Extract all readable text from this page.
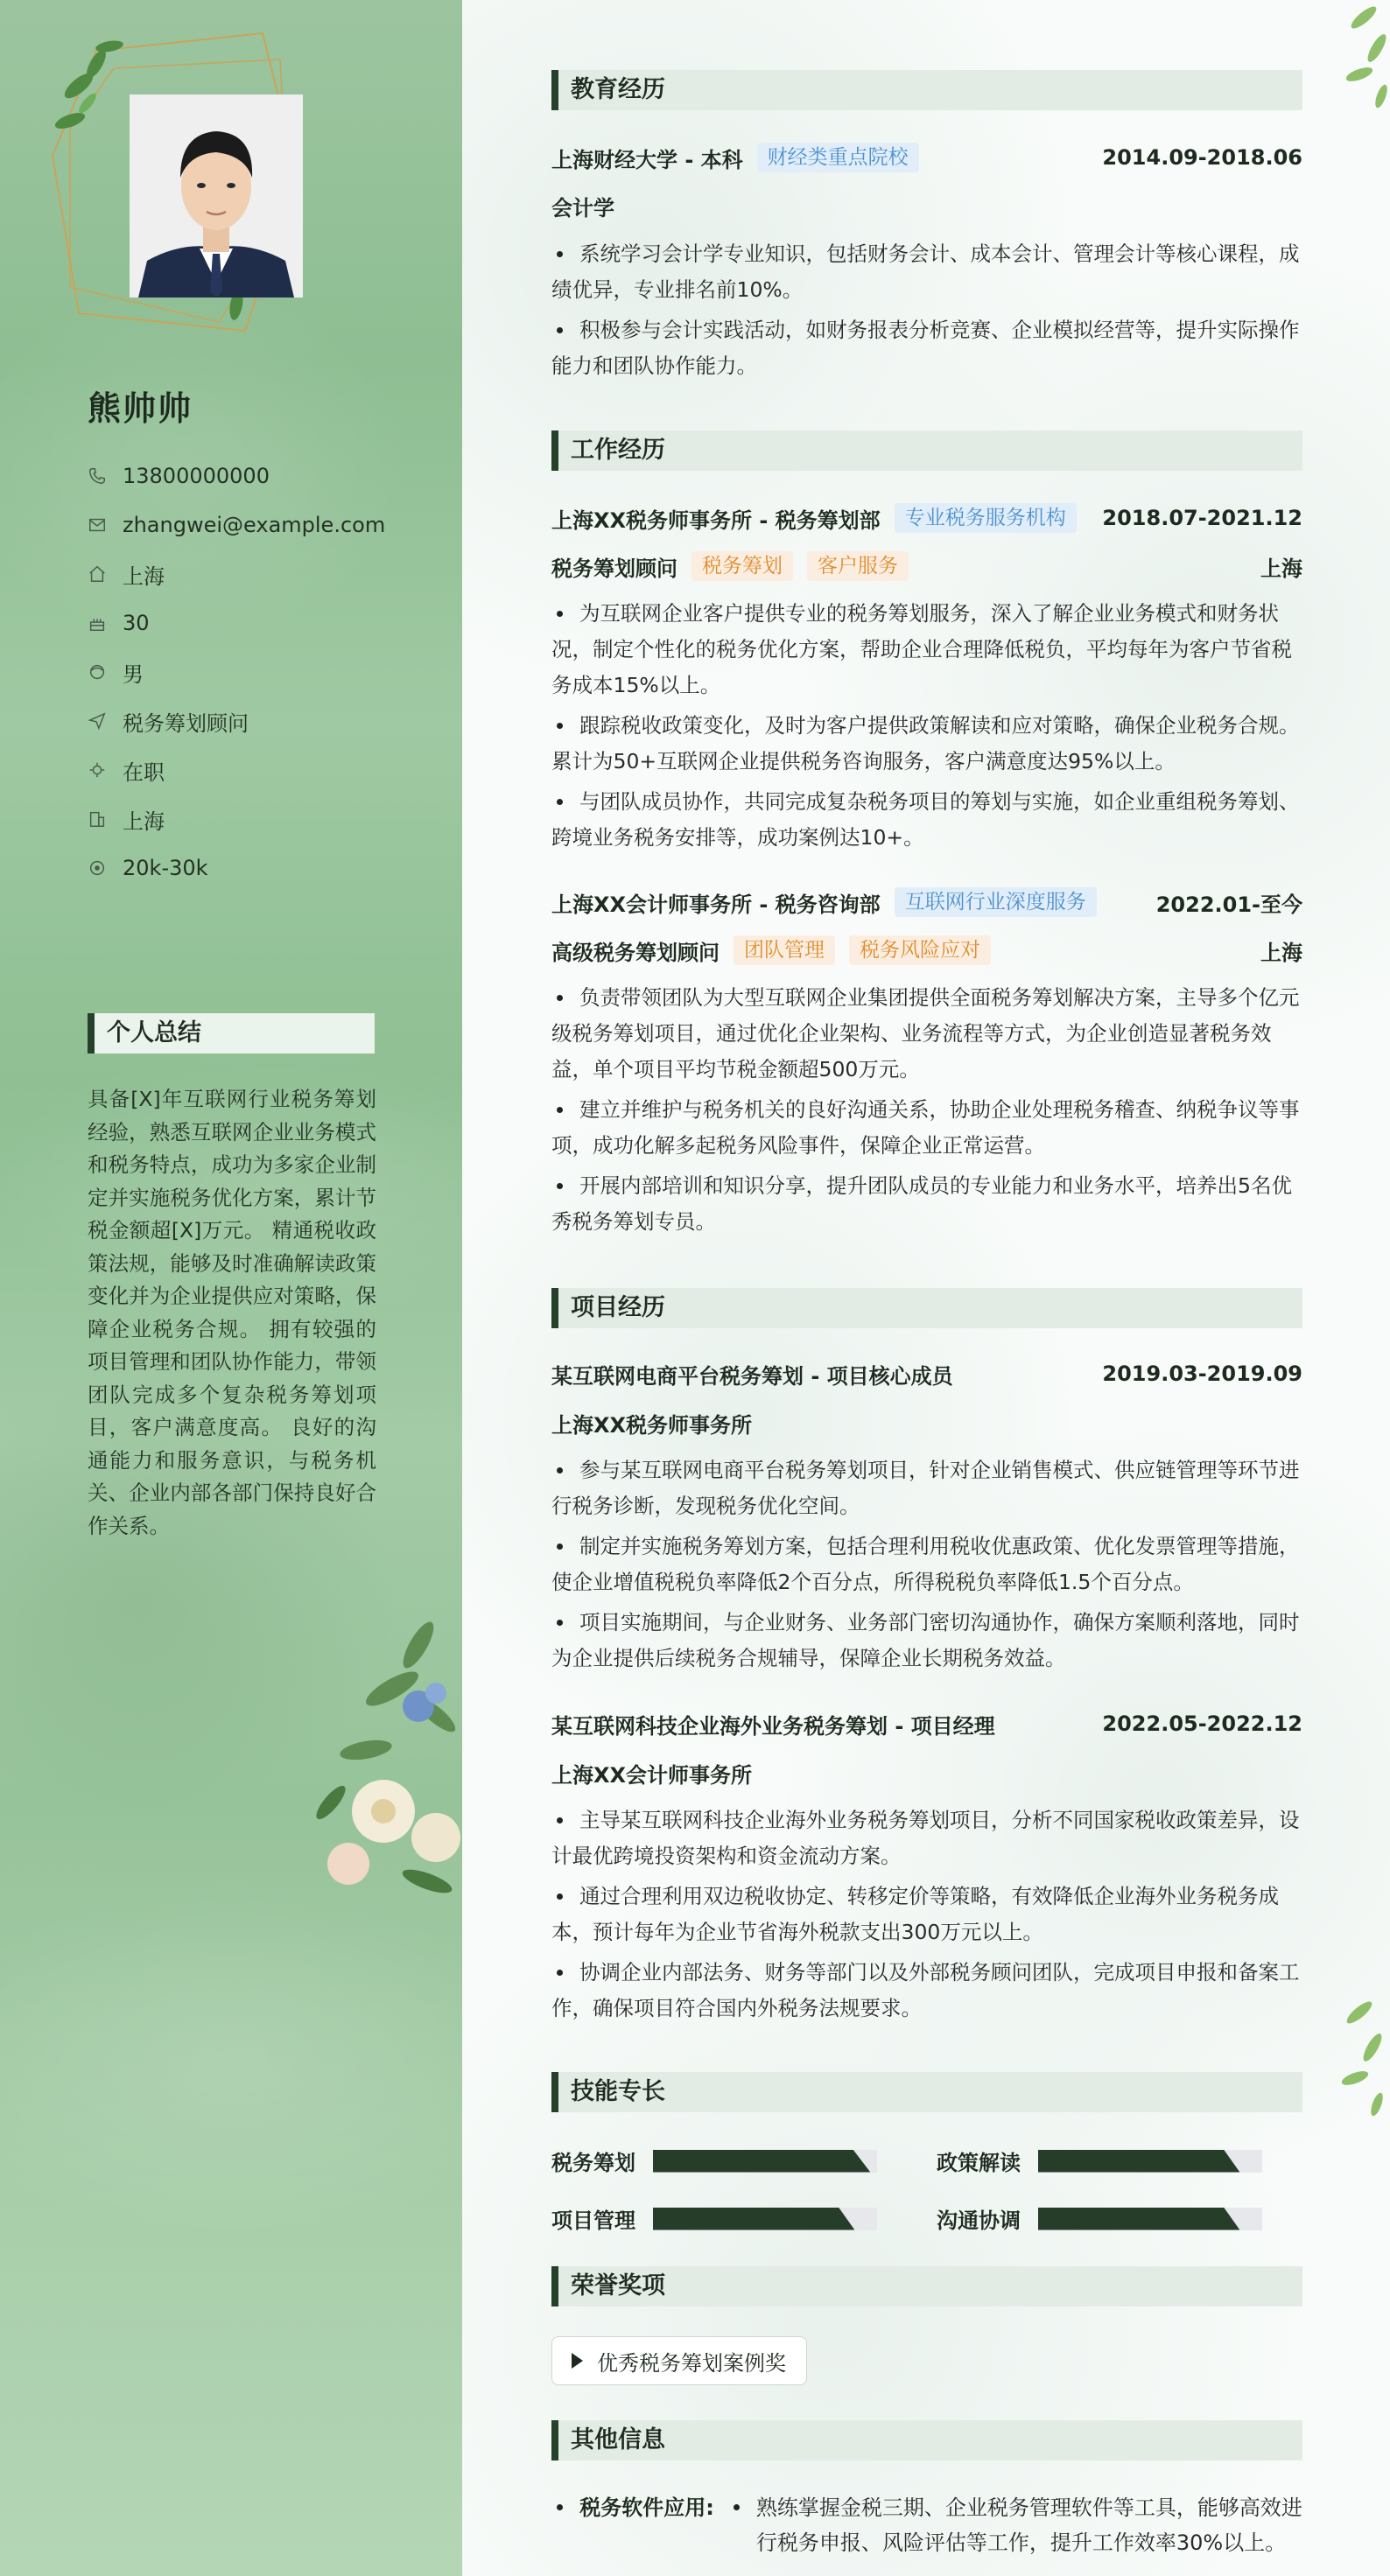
熊帅帅
13800000000
zhangwei@example.com
上海
30
男
税务筹划顾问
在职
上海
20k-30k
个人总结
具备[X]年互联网行业税务筹划经验，熟悉互联网企业业务模式和税务特点，成功为多家企业制定并实施税务优化方案，累计节税金额超[X]万元。 精通税收政策法规，能够及时准确解读政策变化并为企业提供应对策略，保障企业税务合规。 拥有较强的项目管理和团队协作能力，带领团队完成多个复杂税务筹划项目，客户满意度高。 良好的沟通能力和服务意识，与税务机关、企业内部各部门保持良好合作关系。
教育经历
上海财经大学 - 本科	财经类重点院校	2014.09-2018.06
会计学
系统学习会计学专业知识，包括财务会计、成本会计、管理会计等核心课程，成绩优异，专业排名前10%。
积极参与会计实践活动，如财务报表分析竞赛、企业模拟经营等，提升实际操作能力和团队协作能力。
工作经历
上海XX税务师事务所 - 税务筹划部	专业税务服务机构	2018.07-2021.12
税务筹划顾问	税务筹划	客户服务	上海
为互联网企业客户提供专业的税务筹划服务，深入了解企业业务模式和财务状况，制定个性化的税务优化方案，帮助企业合理降低税负，平均每年为客户节省税务成本15%以上。
跟踪税收政策变化，及时为客户提供政策解读和应对策略，确保企业税务合规。累计为50+互联网企业提供税务咨询服务，客户满意度达95%以上。
与团队成员协作，共同完成复杂税务项目的筹划与实施，如企业重组税务筹划、跨境业务税务安排等，成功案例达10+。
上海XX会计师事务所 - 税务咨询部	互联网行业深度服务	2022.01-至今
高级税务筹划顾问	团队管理	税务风险应对	上海
负责带领团队为大型互联网企业集团提供全面税务筹划解决方案，主导多个亿元级税务筹划项目，通过优化企业架构、业务流程等方式，为企业创造显著税务效益，单个项目平均节税金额超500万元。
建立并维护与税务机关的良好沟通关系，协助企业处理税务稽查、纳税争议等事项，成功化解多起税务风险事件，保障企业正常运营。
开展内部培训和知识分享，提升团队成员的专业能力和业务水平，培养出5名优秀税务筹划专员。
项目经历
某互联网电商平台税务筹划 - 项目核心成员	2019.03-2019.09
上海XX税务师事务所
参与某互联网电商平台税务筹划项目，针对企业销售模式、供应链管理等环节进行税务诊断，发现税务优化空间。
制定并实施税务筹划方案，包括合理利用税收优惠政策、优化发票管理等措施，使企业增值税税负率降低2个百分点，所得税税负率降低1.5个百分点。
项目实施期间，与企业财务、业务部门密切沟通协作，确保方案顺利落地，同时为企业提供后续税务合规辅导，保障企业长期税务效益。
某互联网科技企业海外业务税务筹划 - 项目经理	2022.05-2022.12
上海XX会计师事务所
主导某互联网科技企业海外业务税务筹划项目，分析不同国家税收政策差异，设计最优跨境投资架构和资金流动方案。
通过合理利用双边税收协定、转移定价等策略，有效降低企业海外业务税务成本，预计每年为企业节省海外税款支出300万元以上。
协调企业内部法务、财务等部门以及外部税务顾问团队，完成项目申报和备案工作，确保项目符合国内外税务法规要求。
技能专长
税务筹划	政策解读
项目管理	沟通协调
荣誉奖项
优秀税务筹划案例奖
其他信息
税务软件应用: 熟练掌握金税三期、企业税务管理软件等工具，能够高效进行税务申报、风险评估等工作，提升工作效率30%以上。
